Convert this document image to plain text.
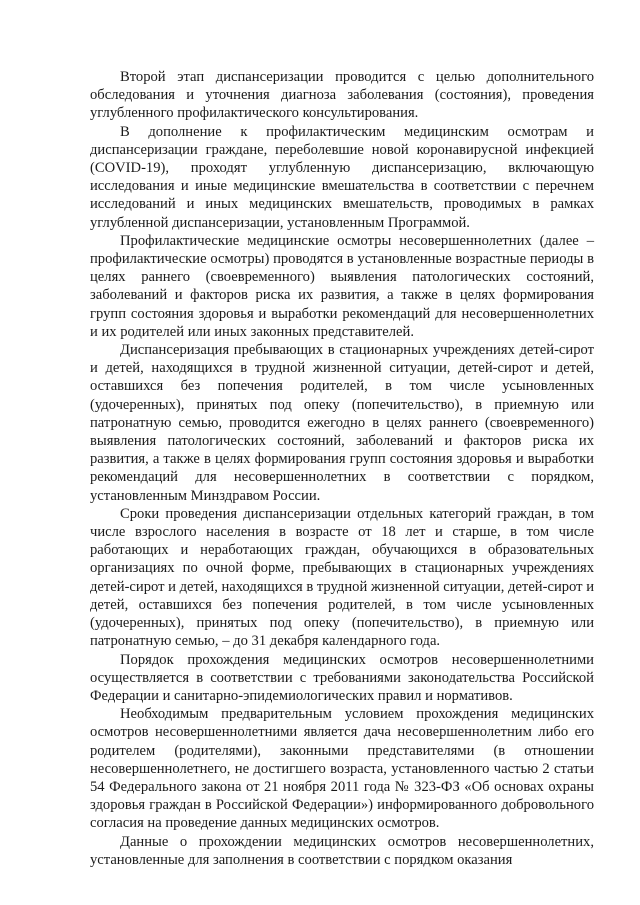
Второй этап диспансеризации проводится с целью дополнительного обследования и уточнения диагноза заболевания (состояния), проведения углубленного профилактического консультирования.

В дополнение к профилактическим медицинским осмотрам и диспансеризации граждане, переболевшие новой коронавирусной инфекцией (COVID-19), проходят углубленную диспансеризацию, включающую исследования и иные медицинские вмешательства в соответствии с перечнем исследований и иных медицинских вмешательств, проводимых в рамках углубленной диспансеризации, установленным Программой.

Профилактические медицинские осмотры несовершеннолетних (далее – профилактические осмотры) проводятся в установленные возрастные периоды в целях раннего (своевременного) выявления патологических состояний, заболеваний и факторов риска их развития, а также в целях формирования групп состояния здоровья и выработки рекомендаций для несовершеннолетних и их родителей или иных законных представителей.

Диспансеризация пребывающих в стационарных учреждениях детей-сирот и детей, находящихся в трудной жизненной ситуации, детей-сирот и детей, оставшихся без попечения родителей, в том числе усыновленных (удочеренных), принятых под опеку (попечительство), в приемную или патронатную семью, проводится ежегодно в целях раннего (своевременного) выявления патологических состояний, заболеваний и факторов риска их развития, а также в целях формирования групп состояния здоровья и выработки рекомендаций для несовершеннолетних в соответствии с порядком, установленным Минздравом России.

Сроки проведения диспансеризации отдельных категорий граждан, в том числе взрослого населения в возрасте от 18 лет и старше, в том числе работающих и неработающих граждан, обучающихся в образовательных организациях по очной форме, пребывающих в стационарных учреждениях детей-сирот и детей, находящихся в трудной жизненной ситуации, детей-сирот и детей, оставшихся без попечения родителей, в том числе усыновленных (удочеренных), принятых под опеку (попечительство), в приемную или патронатную семью, – до 31 декабря календарного года.

Порядок прохождения медицинских осмотров несовершеннолетними осуществляется в соответствии с требованиями законодательства Российской Федерации и санитарно-эпидемиологических правил и нормативов.

Необходимым предварительным условием прохождения медицинских осмотров несовершеннолетними является дача несовершеннолетним либо его родителем (родителями), законными представителями (в отношении несовершеннолетнего, не достигшего возраста, установленного частью 2 статьи 54 Федерального закона от 21 ноября 2011 года № 323-ФЗ «Об основах охраны здоровья граждан в Российской Федерации») информированного добровольного согласия на проведение данных медицинских осмотров.

Данные о прохождении медицинских осмотров несовершеннолетних, установленные для заполнения в соответствии с порядком оказания
